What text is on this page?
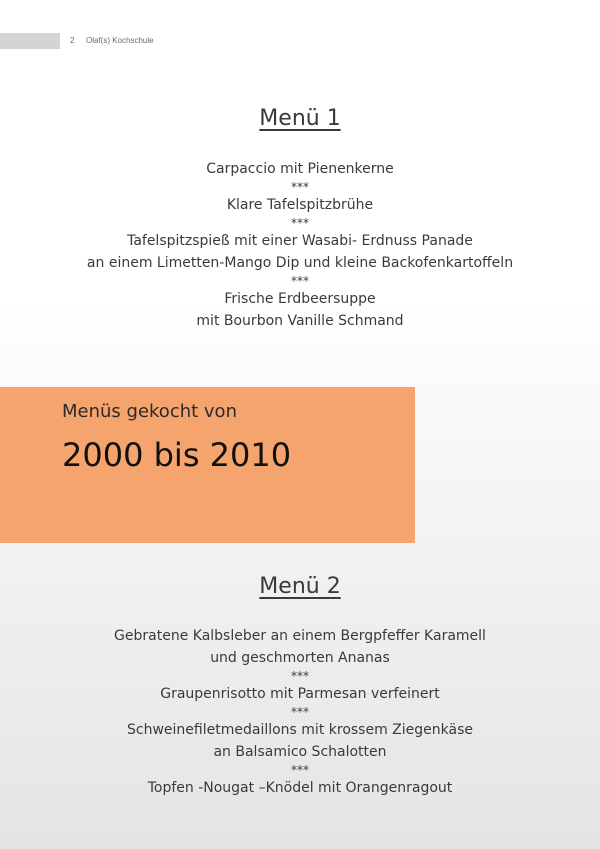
2 Olaf(s) Kochschule
Menü 1
Carpaccio mit Pienenkerne
***
Klare Tafelspitzbrühe
***
Tafelspitzspieß mit einer Wasabi- Erdnuss Panade
an einem Limetten-Mango Dip und kleine Backofenkartoffeln
***
Frische Erdbeersuppe
mit Bourbon Vanille Schmand
Menüs gekocht von
2000 bis 2010
Menü 2
Gebratene Kalbsleber an einem Bergpfeffer Karamell
und geschmorten Ananas
***
Graupenrisotto mit Parmesan verfeinert
***
Schweinefiletmedaillons mit krossem Ziegenkäse
an Balsamico Schalotten
***
Topfen -Nougat –Knödel mit Orangenragout
